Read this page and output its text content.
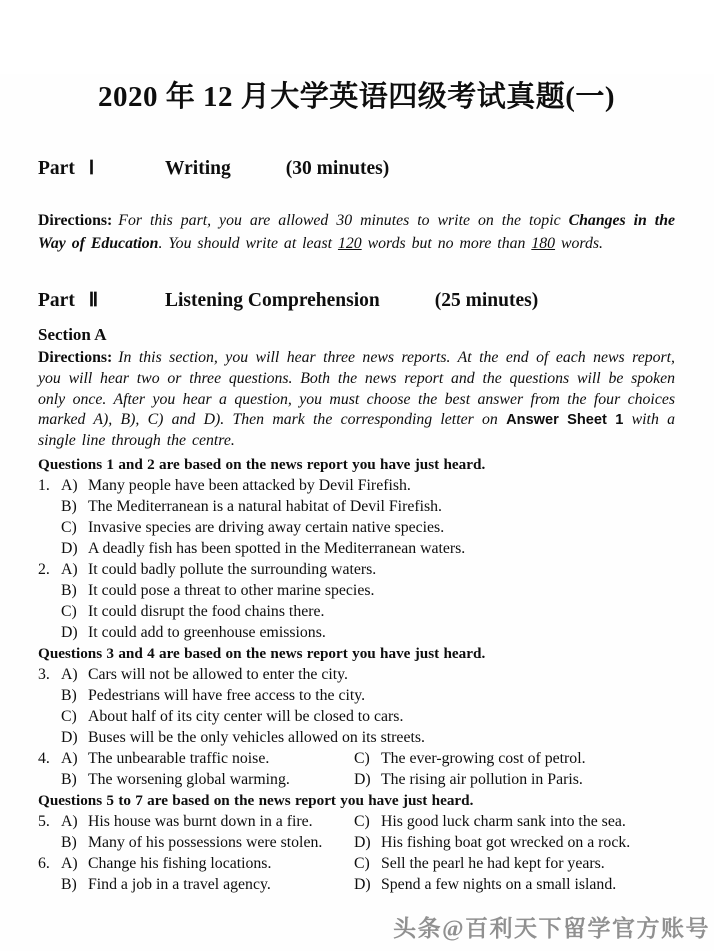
2020 年 12 月大学英语四级考试真题(一)
Part Ⅰ	Writing	(30 minutes)
Directions: For this part, you are allowed 30 minutes to write on the topic Changes in the Way of Education. You should write at least 120 words but no more than 180 words.
Part Ⅱ	Listening Comprehension	(25 minutes)
Section A
Directions: In this section, you will hear three news reports. At the end of each news report, you will hear two or three questions. Both the news report and the questions will be spoken only once. After you hear a question, you must choose the best answer from the four choices marked A), B), C) and D). Then mark the corresponding letter on Answer Sheet 1 with a single line through the centre.
Questions 1 and 2 are based on the news report you have just heard.
1. A) Many people have been attacked by Devil Firefish.
B) The Mediterranean is a natural habitat of Devil Firefish.
C) Invasive species are driving away certain native species.
D) A deadly fish has been spotted in the Mediterranean waters.
2. A) It could badly pollute the surrounding waters.
B) It could pose a threat to other marine species.
C) It could disrupt the food chains there.
D) It could add to greenhouse emissions.
Questions 3 and 4 are based on the news report you have just heard.
3. A) Cars will not be allowed to enter the city.
B) Pedestrians will have free access to the city.
C) About half of its city center will be closed to cars.
D) Buses will be the only vehicles allowed on its streets.
4. A) The unbearable traffic noise.
B) The worsening global warming.
C) The ever-growing cost of petrol.
D) The rising air pollution in Paris.
Questions 5 to 7 are based on the news report you have just heard.
5. A) His house was burnt down in a fire.
B) Many of his possessions were stolen.
C) His good luck charm sank into the sea.
D) His fishing boat got wrecked on a rock.
6. A) Change his fishing locations.
B) Find a job in a travel agency.
C) Sell the pearl he had kept for years.
D) Spend a few nights on a small island.
头条@百利天下留学官方账号
